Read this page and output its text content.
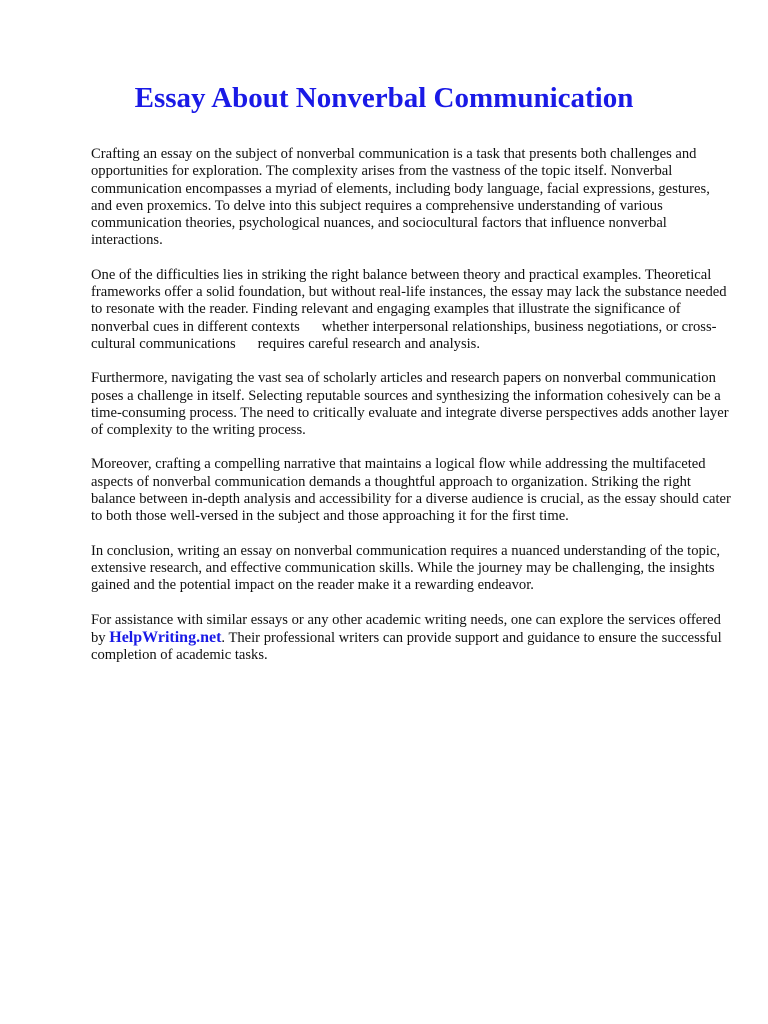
Essay About Nonverbal Communication

Crafting an essay on the subject of nonverbal communication is a task that presents both challenges and opportunities for exploration. The complexity arises from the vastness of the topic itself. Nonverbal communication encompasses a myriad of elements, including body language, facial expressions, gestures, and even proxemics. To delve into this subject requires a comprehensive understanding of various communication theories, psychological nuances, and sociocultural factors that influence nonverbal interactions.

One of the difficulties lies in striking the right balance between theory and practical examples. Theoretical frameworks offer a solid foundation, but without real-life instances, the essay may lack the substance needed to resonate with the reader. Finding relevant and engaging examples that illustrate the significance of nonverbal cues in different contexts   whether interpersonal relationships, business negotiations, or cross-cultural communications   requires careful research and analysis.

Furthermore, navigating the vast sea of scholarly articles and research papers on nonverbal communication poses a challenge in itself. Selecting reputable sources and synthesizing the information cohesively can be a time-consuming process. The need to critically evaluate and integrate diverse perspectives adds another layer of complexity to the writing process.

Moreover, crafting a compelling narrative that maintains a logical flow while addressing the multifaceted aspects of nonverbal communication demands a thoughtful approach to organization. Striking the right balance between in-depth analysis and accessibility for a diverse audience is crucial, as the essay should cater to both those well-versed in the subject and those approaching it for the first time.

In conclusion, writing an essay on nonverbal communication requires a nuanced understanding of the topic, extensive research, and effective communication skills. While the journey may be challenging, the insights gained and the potential impact on the reader make it a rewarding endeavor.

For assistance with similar essays or any other academic writing needs, one can explore the services offered by HelpWriting.net. Their professional writers can provide support and guidance to ensure the successful completion of academic tasks.
